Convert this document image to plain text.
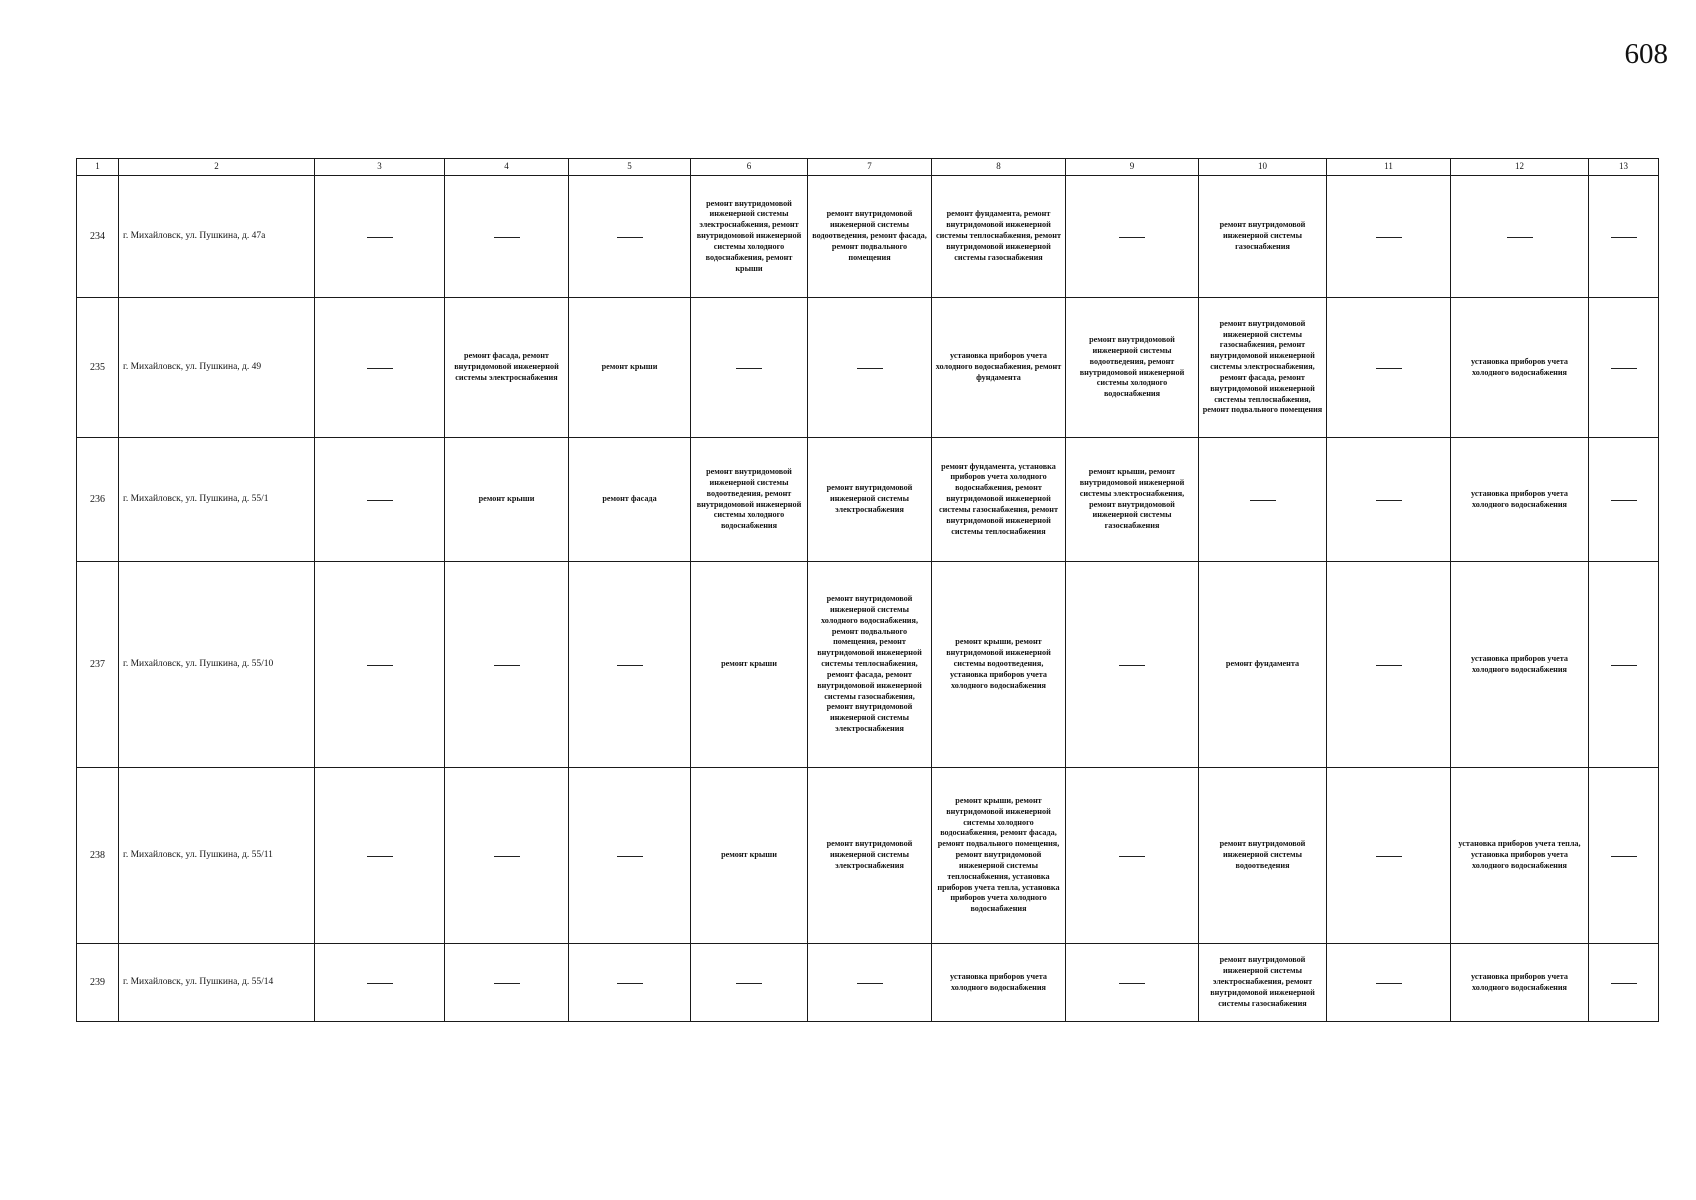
608
1	2	3	4	5	6	7	8	9	10	11	12	13
234	г. Михайловск, ул. Пушкина, д. 47а				ремонт внутридомовой инженерной системы электроснабжения, ремонт внутридомовой инженерной системы холодного водоснабжения, ремонт крыши	ремонт внутридомовой инженерной системы водоотведения, ремонт фасада, ремонт подвального помещения	ремонт фундамента, ремонт внутридомовой инженерной системы теплоснабжения, ремонт внутридомовой инженерной системы газоснабжения		ремонт внутридомовой инженерной системы газоснабжения			
235	г. Михайловск, ул. Пушкина, д. 49		ремонт фасада, ремонт внутридомовой инженерной системы электроснабжения	ремонт крыши			установка приборов учета холодного водоснабжения, ремонт фундамента	ремонт внутридомовой инженерной системы водоотведения, ремонт внутридомовой инженерной системы холодного водоснабжения	ремонт внутридомовой инженерной системы газоснабжения, ремонт внутридомовой инженерной системы электроснабжения, ремонт фасада, ремонт внутридомовой инженерной системы теплоснабжения, ремонт подвального помещения		установка приборов учета холодного водоснабжения	
236	г. Михайловск, ул. Пушкина, д. 55/1		ремонт крыши	ремонт фасада	ремонт внутридомовой инженерной системы водоотведения, ремонт внутридомовой инженерной системы холодного водоснабжения	ремонт внутридомовой инженерной системы электроснабжения	ремонт фундамента, установка приборов учета холодного водоснабжения, ремонт внутридомовой инженерной системы газоснабжения, ремонт внутридомовой инженерной системы теплоснабжения	ремонт крыши, ремонт внутридомовой инженерной системы электроснабжения, ремонт внутридомовой инженерной системы газоснабжения			установка приборов учета холодного водоснабжения	
237	г. Михайловск, ул. Пушкина, д. 55/10				ремонт крыши	ремонт внутридомовой инженерной системы холодного водоснабжения, ремонт подвального помещения, ремонт внутридомовой инженерной системы теплоснабжения, ремонт фасада, ремонт внутридомовой инженерной системы газоснабжения, ремонт внутридомовой инженерной системы электроснабжения	ремонт крыши, ремонт внутридомовой инженерной системы водоотведения, установка приборов учета холодного водоснабжения		ремонт фундамента		установка приборов учета холодного водоснабжения	
238	г. Михайловск, ул. Пушкина, д. 55/11				ремонт крыши	ремонт внутридомовой инженерной системы электроснабжения	ремонт крыши, ремонт внутридомовой инженерной системы холодного водоснабжения, ремонт фасада, ремонт подвального помещения, ремонт внутридомовой инженерной системы теплоснабжения, установка приборов учета тепла, установка приборов учета холодного водоснабжения		ремонт внутридомовой инженерной системы водоотведения		установка приборов учета тепла, установка приборов учета холодного водоснабжения	
239	г. Михайловск, ул. Пушкина, д. 55/14						установка приборов учета холодного водоснабжения		ремонт внутридомовой инженерной системы электроснабжения, ремонт внутридомовой инженерной системы газоснабжения		установка приборов учета холодного водоснабжения	
